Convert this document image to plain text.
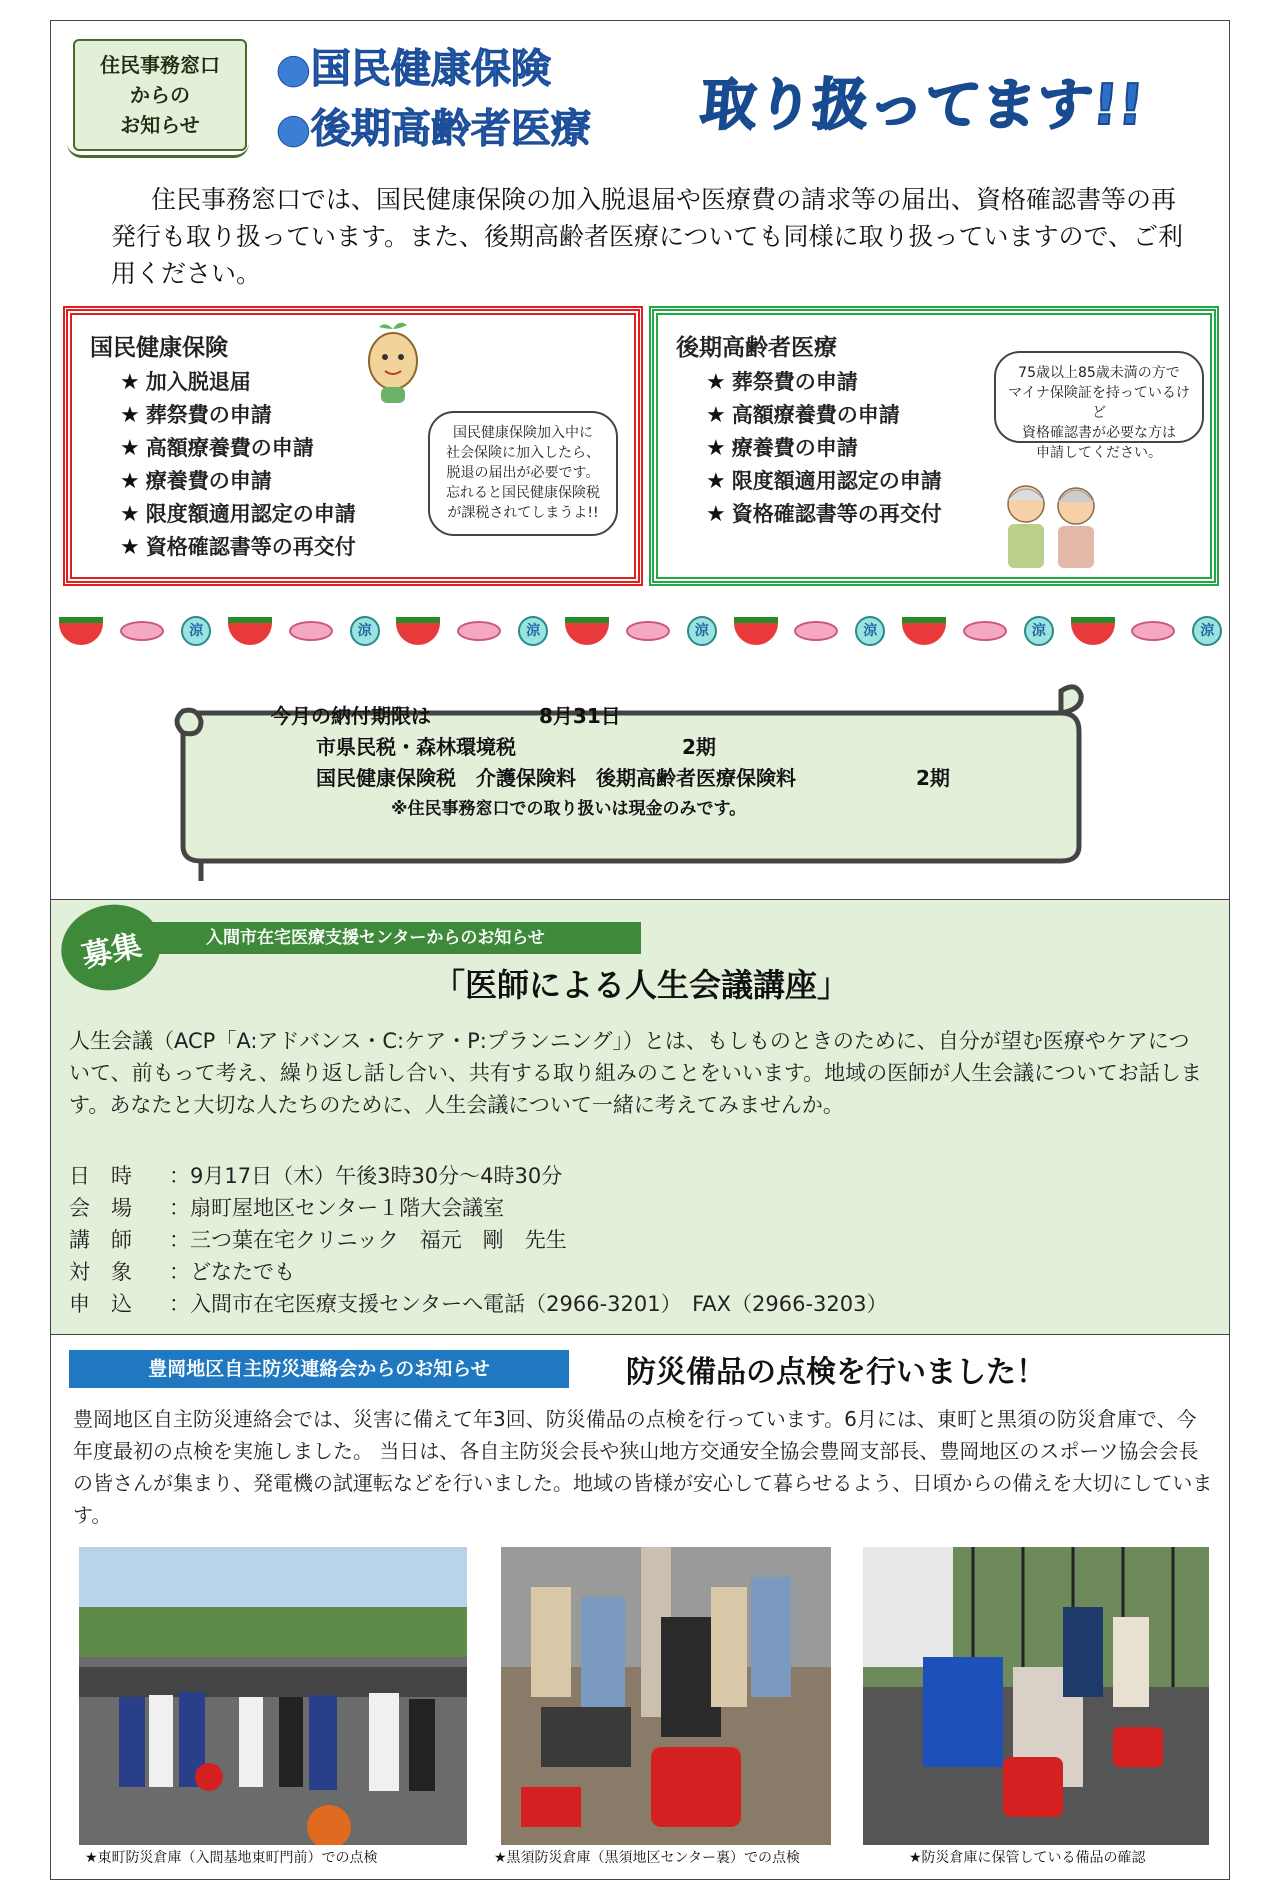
住民事務窓口
からの
お知らせ
●国民健康保険
●後期高齢者医療 取り扱ってます!!
住民事務窓口では、国民健康保険の加入脱退届や医療費の請求等の届出、資格確認書等の再発行も取り扱っています。また、後期高齢者医療についても同様に取り扱っていますので、ご利用ください。
国民健康保険
★ 加入脱退届
★ 葬祭費の申請
★ 高額療養費の申請
★ 療養費の申請
★ 限度額適用認定の申請
★ 資格確認書等の再交付
国民健康保険加入中に
社会保険に加入したら、
脱退の届出が必要です。
忘れると国民健康保険税
が課税されてしまうよ!!
後期高齢者医療
★ 葬祭費の申請
★ 高額療養費の申請
★ 療養費の申請
★ 限度額適用認定の申請
★ 資格確認書等の再交付
75歳以上85歳未満の方で
マイナ保険証を持っているけど
資格確認書が必要な方は
申請してください。
涼	涼	涼	涼	涼	涼	涼
今月の納付期限は	8月31日
市県民税・森林環境税	2期
国民健康保険税　介護保険料　後期高齢者医療保険料	2期
※住民事務窓口での取り扱いは現金のみです。
入間市在宅医療支援センターからのお知らせ
募集
「医師による人生会議講座」
人生会議（ACP「A:アドバンス・C:ケア・P:プランニング」）とは、もしものときのために、自分が望む医療やケアについて、前もって考え、繰り返し話し合い、共有する取り組みのことをいいます。地域の医師が人生会議についてお話します。あなたと大切な人たちのために、人生会議について一緒に考えてみませんか。
日　時	：9月17日（木）午後3時30分～4時30分
会　場	：扇町屋地区センター１階大会議室
講　師	：三つ葉在宅クリニック　福元　剛　先生
対　象	：どなたでも
申　込	：入間市在宅医療支援センターへ電話（2966-3201）　FAX（2966-3203）
豊岡地区自主防災連絡会からのお知らせ	防災備品の点検を行いました！
豊岡地区自主防災連絡会では、災害に備えて年3回、防災備品の点検を行っています。6月には、東町と黒須の防災倉庫で、今年度最初の点検を実施しました。 当日は、各自主防災会長や狭山地方交通安全協会豊岡支部長、豊岡地区のスポーツ協会会長の皆さんが集まり、発電機の試運転などを行いました。地域の皆様が安心して暮らせるよう、日頃からの備えを大切にしています。
★東町防災倉庫（入間基地東町門前）での点検	★黒須防災倉庫（黒須地区センター裏）での点検	★防災倉庫に保管している備品の確認
